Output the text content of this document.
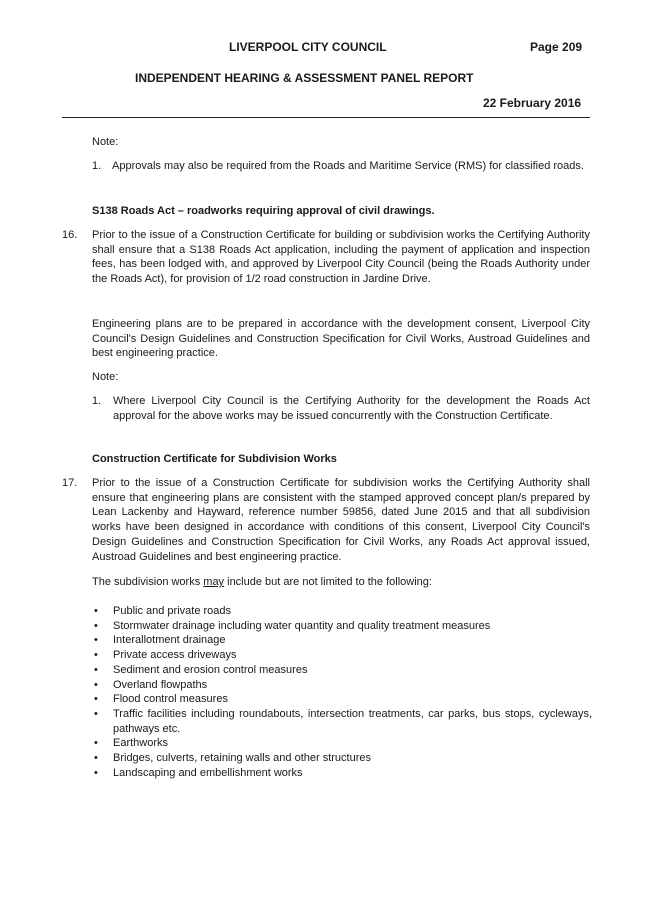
LIVERPOOL CITY COUNCIL	Page 209
INDEPENDENT HEARING & ASSESSMENT PANEL REPORT
22 February 2016
Note:
1. Approvals may also be required from the Roads and Maritime Service (RMS) for classified roads.
S138 Roads Act – roadworks requiring approval of civil drawings.
16. Prior to the issue of a Construction Certificate for building or subdivision works the Certifying Authority shall ensure that a S138 Roads Act application, including the payment of application and inspection fees, has been lodged with, and approved by Liverpool City Council (being the Roads Authority under the Roads Act), for provision of 1/2 road construction in Jardine Drive.
Engineering plans are to be prepared in accordance with the development consent, Liverpool City Council's Design Guidelines and Construction Specification for Civil Works, Austroad Guidelines and best engineering practice.
Note:
1. Where Liverpool City Council is the Certifying Authority for the development the Roads Act approval for the above works may be issued concurrently with the Construction Certificate.
Construction Certificate for Subdivision Works
17. Prior to the issue of a Construction Certificate for subdivision works the Certifying Authority shall ensure that engineering plans are consistent with the stamped approved concept plan/s prepared by Lean Lackenby and Hayward, reference number 59856, dated June 2015 and that all subdivision works have been designed in accordance with conditions of this consent, Liverpool City Council's Design Guidelines and Construction Specification for Civil Works, any Roads Act approval issued, Austroad Guidelines and best engineering practice.
The subdivision works may include but are not limited to the following:
• Public and private roads
• Stormwater drainage including water quantity and quality treatment measures
• Interallotment drainage
• Private access driveways
• Sediment and erosion control measures
• Overland flowpaths
• Flood control measures
• Traffic facilities including roundabouts, intersection treatments, car parks, bus stops, cycleways, pathways etc.
• Earthworks
• Bridges, culverts, retaining walls and other structures
• Landscaping and embellishment works
